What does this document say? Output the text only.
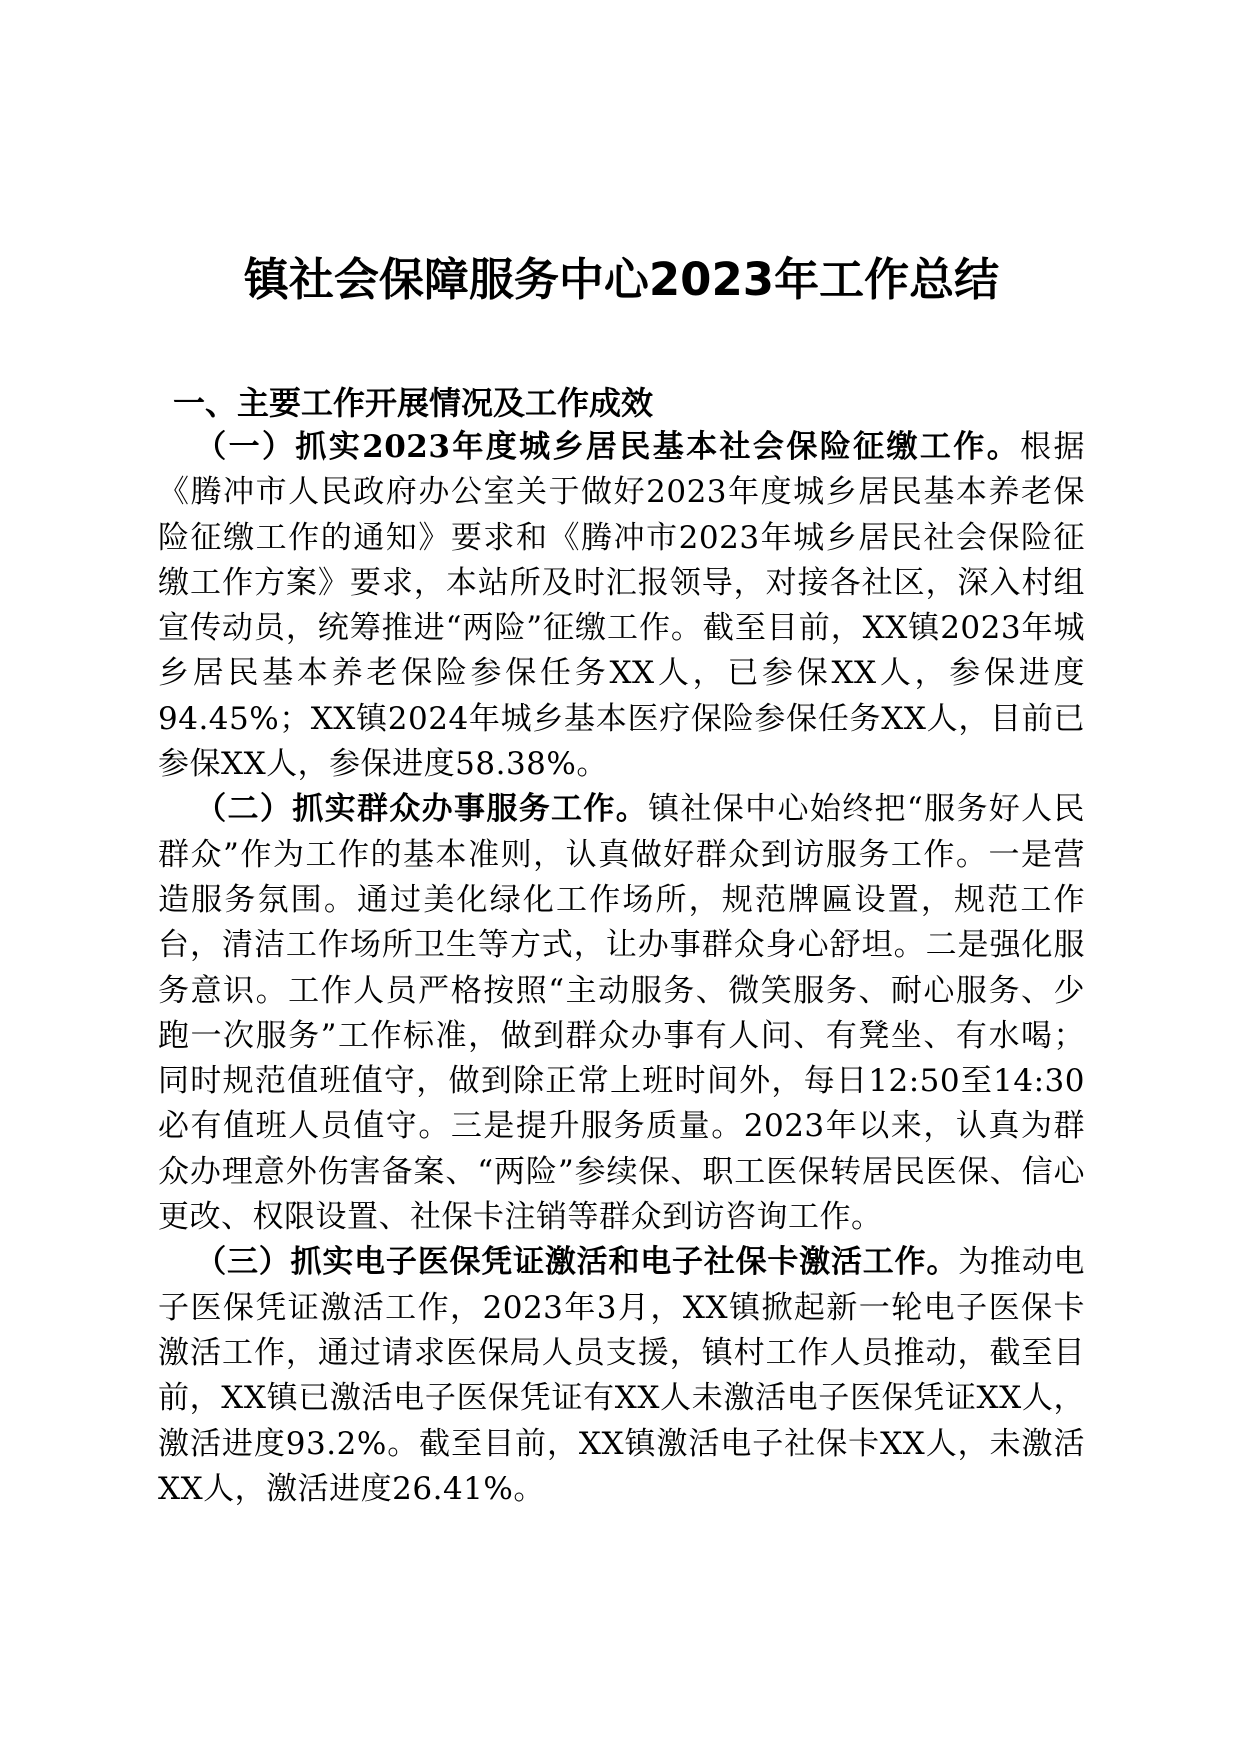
镇社会保障服务中心2023年工作总结
一、主要工作开展情况及工作成效

（一）抓实2023年度城乡居民基本社会保险征缴工作。根据《腾冲市人民政府办公室关于做好2023年度城乡居民基本养老保险征缴工作的通知》要求和《腾冲市2023年城乡居民社会保险征缴工作方案》要求，本站所及时汇报领导，对接各社区，深入村组宣传动员，统筹推进“两险”征缴工作。截至目前，XX镇2023年城乡居民基本养老保险参保任务XX人，已参保XX人，参保进度94.45%；XX镇2024年城乡基本医疗保险参保任务XX人，目前已参保XX人，参保进度58.38%。

（二）抓实群众办事服务工作。镇社保中心始终把“服务好人民群众”作为工作的基本准则，认真做好群众到访服务工作。一是营造服务氛围。通过美化绿化工作场所，规范牌匾设置，规范工作台，清洁工作场所卫生等方式，让办事群众身心舒坦。二是强化服务意识。工作人员严格按照“主动服务、微笑服务、耐心服务、少跑一次服务”工作标准，做到群众办事有人问、有凳坐、有水喝；同时规范值班值守，做到除正常上班时间外，每日12:50至14:30必有值班人员值守。三是提升服务质量。2023年以来，认真为群众办理意外伤害备案、“两险”参续保、职工医保转居民医保、信心更改、权限设置、社保卡注销等群众到访咨询工作。

（三）抓实电子医保凭证激活和电子社保卡激活工作。为推动电子医保凭证激活工作，2023年3月，XX镇掀起新一轮电子医保卡激活工作，通过请求医保局人员支援，镇村工作人员推动，截至目前，XX镇已激活电子医保凭证有XX人未激活电子医保凭证XX人，激活进度93.2%。截至目前，XX镇激活电子社保卡XX人，未激活XX人，激活进度26.41%。
